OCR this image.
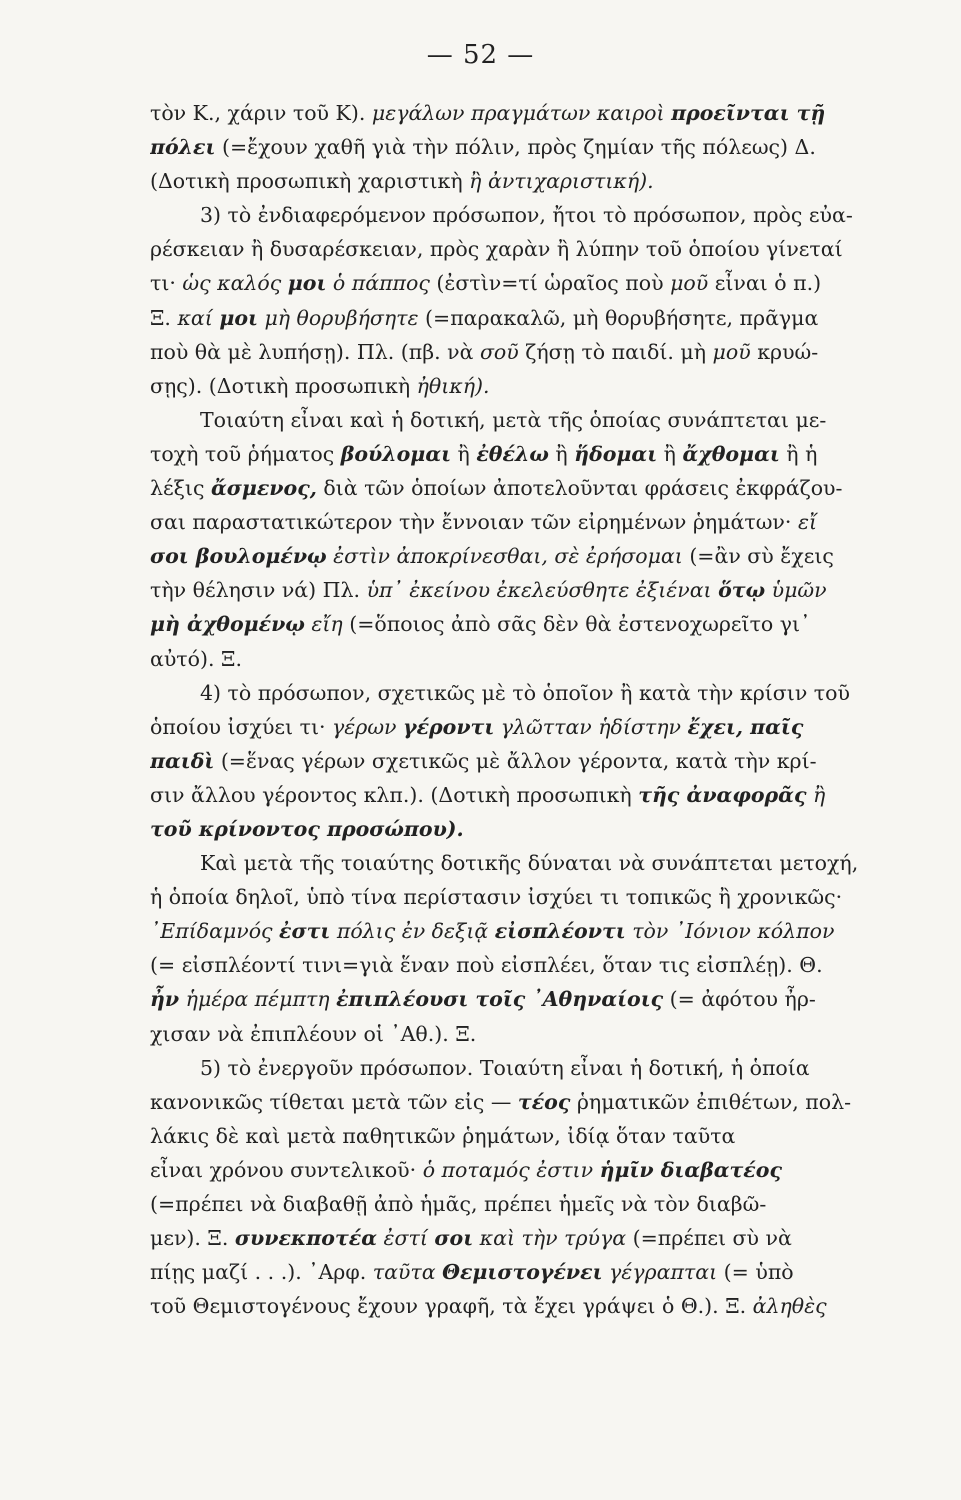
— 52 —
τὸν Κ., χάριν τοῦ Κ). μεγάλων πραγμάτων καιροὶ προεῖνται τῇ
πόλει (=ἔχουν χαθῆ γιὰ τὴν πόλιν, πρὸς ζημίαν τῆς πόλεως) Δ.
(Δοτικὴ προσωπικὴ χαριστικὴ ἢ ἀντιχαριστική).
3) τὸ ἐνδιαφερόμενον πρόσωπον, ἤτοι τὸ πρόσωπον, πρὸς εὐα-
ρέσκειαν ἢ δυσαρέσκειαν, πρὸς χαρὰν ἢ λύπην τοῦ ὁποίου γίνεταί
τι· ὡς καλός μοι ὁ πάππος (ἐστὶν=τί ὡραῖος ποὺ μοῦ εἶναι ὁ π.)
Ξ. καί μοι μὴ θορυβήσητε (=παρακαλῶ, μὴ θορυβήσητε, πρᾶγμα
ποὺ θὰ μὲ λυπήσῃ). Πλ. (πβ. νὰ σοῦ ζήσῃ τὸ παιδί. μὴ μοῦ κρυώ-
σῃς). (Δοτικὴ προσωπικὴ ἠθική).
Τοιαύτη εἶναι καὶ ἡ δοτική, μετὰ τῆς ὁποίας συνάπτεται με-
τοχὴ τοῦ ῥήματος βούλομαι ἢ ἐθέλω ἢ ἥδομαι ἢ ἄχθομαι ἢ ἡ
λέξις ἄσμενος, διὰ τῶν ὁποίων ἀποτελοῦνται φράσεις ἐκφράζου-
σαι παραστατικώτερον τὴν ἔννοιαν τῶν εἰρημένων ῥημάτων· εἴ
σοι βουλομένῳ ἐστὶν ἀποκρίνεσθαι, σὲ ἐρήσομαι (=ἂν σὺ ἔχεις
τὴν θέλησιν νά) Πλ. ὑπ᾿ ἐκείνου ἐκελεύσθητε ἐξιέναι ὅτῳ ὑμῶν
μὴ ἀχθομένῳ εἴη (=ὅποιος ἀπὸ σᾶς δὲν θὰ ἐστενοχωρεῖτο γι᾿
αὐτό). Ξ.
4) τὸ πρόσωπον, σχετικῶς μὲ τὸ ὁποῖον ἢ κατὰ τὴν κρίσιν τοῦ
ὁποίου ἰσχύει τι· γέρων γέροντι γλῶτταν ἡδίστην ἔχει, παῖς
παιδὶ (=ἕνας γέρων σχετικῶς μὲ ἄλλον γέροντα, κατὰ τὴν κρί-
σιν ἄλλου γέροντος κλπ.). (Δοτικὴ προσωπικὴ τῆς ἀναφορᾶς ἢ
τοῦ κρίνοντος προσώπου).
Καὶ μετὰ τῆς τοιαύτης δοτικῆς δύναται νὰ συνάπτεται μετοχή,
ἡ ὁποία δηλοῖ, ὑπὸ τίνα περίστασιν ἰσχύει τι τοπικῶς ἢ χρονικῶς·
᾿Επίδαμνός ἐστι πόλις ἐν δεξιᾷ εἰσπλέοντι τὸν ᾿Ιόνιον κόλπον
(= εἰσπλέοντί τινι=γιὰ ἕναν ποὺ εἰσπλέει, ὅταν τις εἰσπλέῃ). Θ.
ἦν ἡμέρα πέμπτη ἐπιπλέουσι τοῖς ᾿Αθηναίοις (= ἀφότου ἦρ-
χισαν νὰ ἐπιπλέουν οἱ ᾿Αθ.). Ξ.
5) τὸ ἐνεργοῦν πρόσωπον. Τοιαύτη εἶναι ἡ δοτική, ἡ ὁποία
κανονικῶς τίθεται μετὰ τῶν εἰς — τέος ῥηματικῶν ἐπιθέτων, πολ-
λάκις δὲ καὶ μετὰ παθητικῶν ῥημάτων, ἰδίᾳ ὅταν ταῦτα
εἶναι χρόνου συντελικοῦ· ὁ ποταμός ἐστιν ἡμῖν διαβατέος
(=πρέπει νὰ διαβαθῇ ἀπὸ ἡμᾶς, πρέπει ἡμεῖς νὰ τὸν διαβῶ-
μεν). Ξ. συνεκποτέα ἐστί σοι καὶ τὴν τρύγα (=πρέπει σὺ νὰ
πίῃς μαζί . . .). ᾿Αρφ. ταῦτα Θεμιστογένει γέγραπται (= ὑπὸ
τοῦ Θεμιστογένους ἔχουν γραφῆ, τὰ ἔχει γράψει ὁ Θ.). Ξ. ἀληθὲς
